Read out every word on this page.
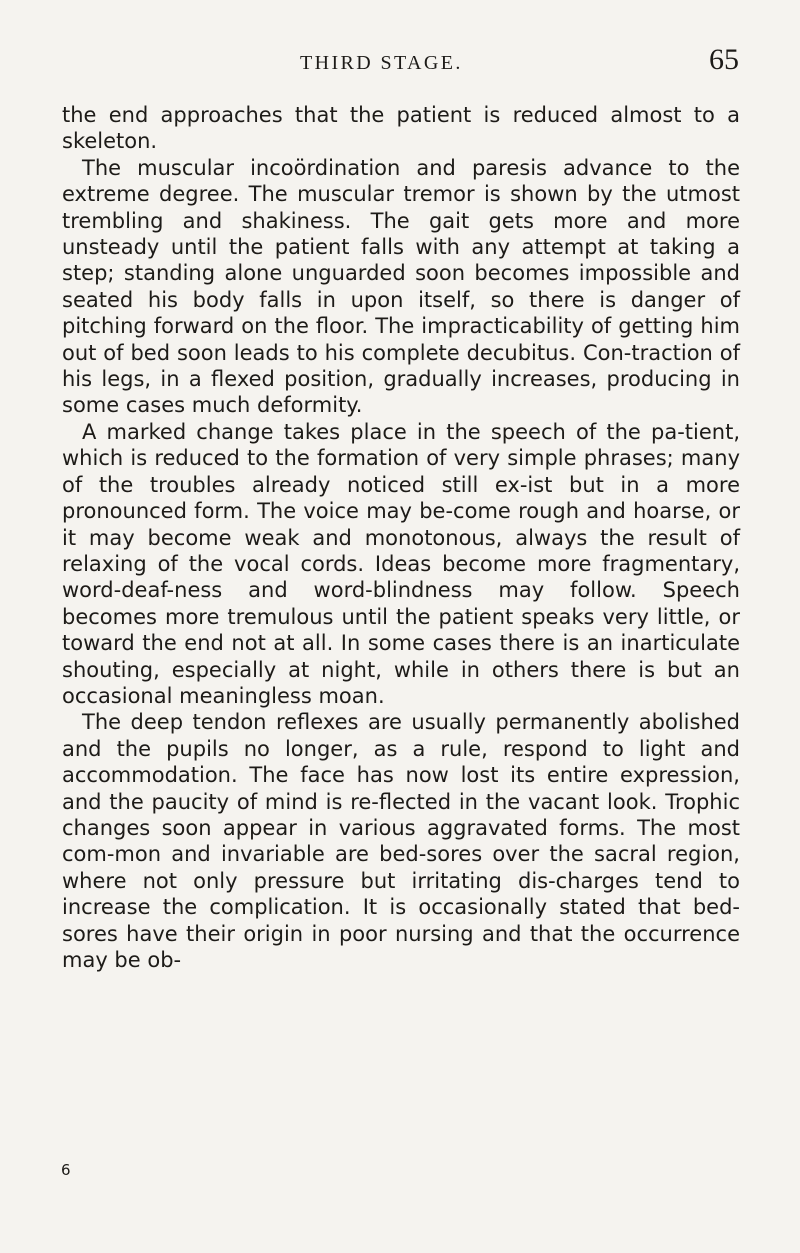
THIRD STAGE.	65

the end approaches that the patient is reduced almost to a skeleton.

The muscular incoördination and paresis advance to the extreme degree. The muscular tremor is shown by the utmost trembling and shakiness. The gait gets more and more unsteady until the patient falls with any attempt at taking a step; standing alone unguarded soon becomes impossible and seated his body falls in upon itself, so there is danger of pitching forward on the floor. The impracticability of getting him out of bed soon leads to his complete decubitus. Con-traction of his legs, in a flexed position, gradually increases, producing in some cases much deformity.

A marked change takes place in the speech of the pa-tient, which is reduced to the formation of very simple phrases; many of the troubles already noticed still ex-ist but in a more pronounced form. The voice may be-come rough and hoarse, or it may become weak and monotonous, always the result of relaxing of the vocal cords. Ideas become more fragmentary, word-deaf-ness and word-blindness may follow. Speech becomes more tremulous until the patient speaks very little, or toward the end not at all. In some cases there is an inarticulate shouting, especially at night, while in others there is but an occasional meaningless moan.

The deep tendon reflexes are usually permanently abolished and the pupils no longer, as a rule, respond to light and accommodation. The face has now lost its entire expression, and the paucity of mind is re-flected in the vacant look. Trophic changes soon appear in various aggravated forms. The most com-mon and invariable are bed-sores over the sacral region, where not only pressure but irritating dis-charges tend to increase the complication. It is occasionally stated that bed-sores have their origin in poor nursing and that the occurrence may be ob-

6
